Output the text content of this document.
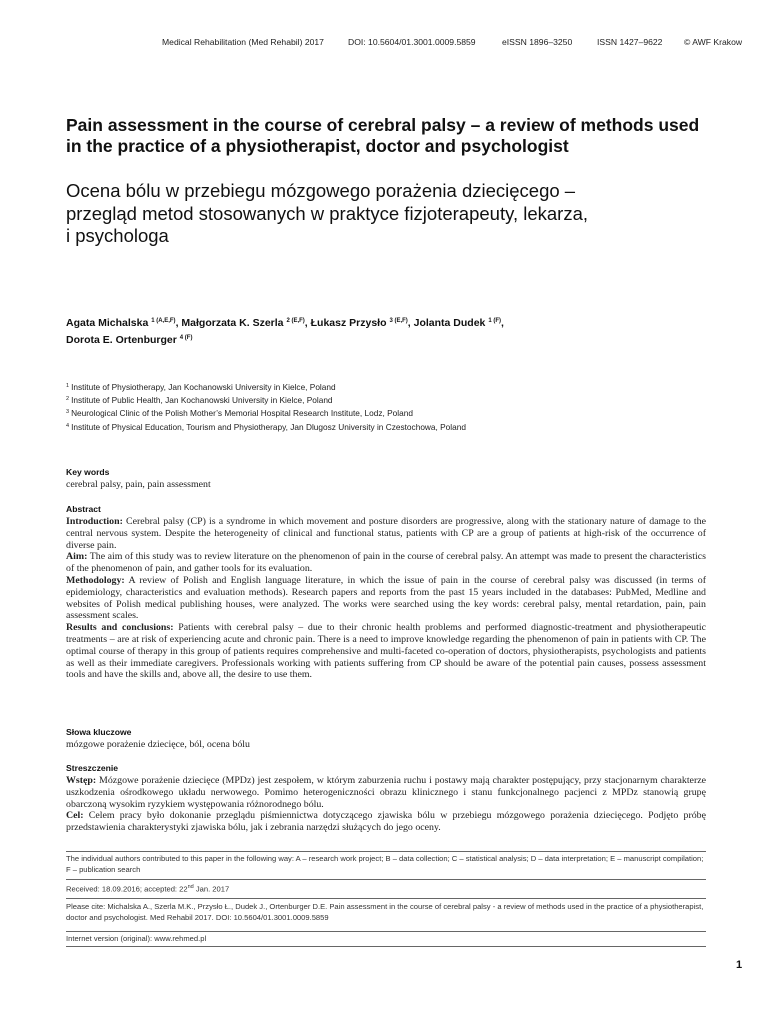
Medical Rehabilitation (Med Rehabil) 2017	DOI: 10.5604/01.3001.0009.5859	eISSN 1896–3250	ISSN 1427–9622	© AWF Krakow
Pain assessment in the course of cerebral palsy – a review of methods used in the practice of a physiotherapist, doctor and psychologist
Ocena bólu w przebiegu mózgowego porażenia dziecięcego –
przegląd metod stosowanych w praktyce fizjoterapeuty, lekarza,
i psychologa
Agata Michalska $^{1 (A,E,F)}$, Małgorzata K. Szerla $^{2 (E,F)}$, Łukasz Przysło $^{3 (E,F)}$, Jolanta Dudek $^{1 (F)}$,
Dorota E. Ortenburger $^{4 (F)}$
$^1$ Institute of Physiotherapy, Jan Kochanowski University in Kielce, Poland
$^2$ Institute of Public Health, Jan Kochanowski University in Kielce, Poland
$^3$ Neurological Clinic of the Polish Mother’s Memorial Hospital Research Institute, Lodz, Poland
$^4$ Institute of Physical Education, Tourism and Physiotherapy, Jan Dlugosz University in Czestochowa, Poland
Key words
cerebral palsy, pain, pain assessment
Abstract

Introduction: Cerebral palsy (CP) is a syndrome in which movement and posture disorders are progressive, along with the stationary nature of damage to the central nervous system. Despite the heterogeneity of clinical and functional status, patients with CP are a group of patients at high-risk of the occurrence of diverse pain.

Aim: The aim of this study was to review literature on the phenomenon of pain in the course of cerebral palsy. An attempt was made to present the characteristics of the phenomenon of pain, and gather tools for its evaluation.

Methodology: A review of Polish and English language literature, in which the issue of pain in the course of cerebral palsy was discussed (in terms of epidemiology, characteristics and evaluation methods). Research papers and reports from the past 15 years included in the databases: PubMed, Medline and websites of Polish medical publishing houses, were analyzed. The works were searched using the key words: cerebral palsy, mental retardation, pain, pain assessment scales.

Results and conclusions: Patients with cerebral palsy – due to their chronic health problems and performed diagnostic-treatment and physiotherapeutic treatments – are at risk of experiencing acute and chronic pain. There is a need to improve knowledge regarding the phenomenon of pain in patients with CP. The optimal course of therapy in this group of patients requires comprehensive and multi-faceted co-operation of doctors, physiotherapists, psychologists and patients as well as their immediate caregivers. Professionals working with patients suffering from CP should be aware of the potential pain causes, possess assessment tools and have the skills and, above all, the desire to use them.

Słowa kluczowe
mózgowe porażenie dziecięce, ból, ocena bólu
Streszczenie

Wstęp: Mózgowe porażenie dziecięce (MPDz) jest zespołem, w którym zaburzenia ruchu i postawy mają charakter postępujący, przy stacjonarnym charakterze uszkodzenia ośrodkowego układu nerwowego. Pomimo heterogeniczności obrazu klinicznego i stanu funkcjonalnego pacjenci z MPDz stanowią grupę obarczoną wysokim ryzykiem występowania różnorodnego bólu.

Cel: Celem pracy było dokonanie przeglądu piśmiennictwa dotyczącego zjawiska bólu w przebiegu mózgowego porażenia dziecięcego. Podjęto próbę przedstawienia charakterystyki zjawiska bólu, jak i zebrania narzędzi służących do jego oceny.

The individual authors contributed to this paper in the following way: A – research work project; B – data collection; C – statistical analysis; D – data interpretation; E – manuscript compilation; F – publication search
Received: 18.09.2016; accepted: 22nd Jan. 2017
Please cite: Michalska A., Szerla M.K., Przysło Ł., Dudek J., Ortenburger D.E. Pain assessment in the course of cerebral palsy - a review of methods used in the practice of a physiotherapist, doctor and psychologist. Med Rehabil 2017. DOI: 10.5604/01.3001.0009.5859
Internet version (original): www.rehmed.pl
1
